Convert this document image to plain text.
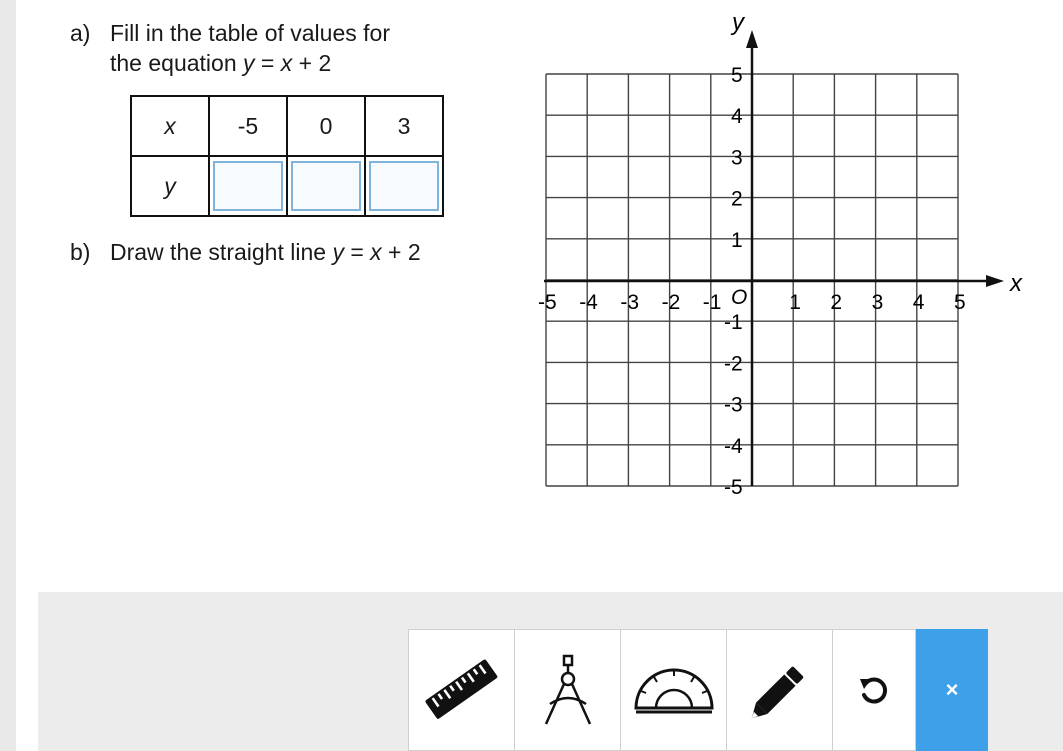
a) Fill in the table of values for
the equation y = x + 2
x	-5	0	3
y	

b) Draw the straight line y = x + 2
x
y
O
-5 -4 -3 -2 -1	1 2 3 4 5
5
4
3
2
1
-1
-2
-3
-4
-5
×
